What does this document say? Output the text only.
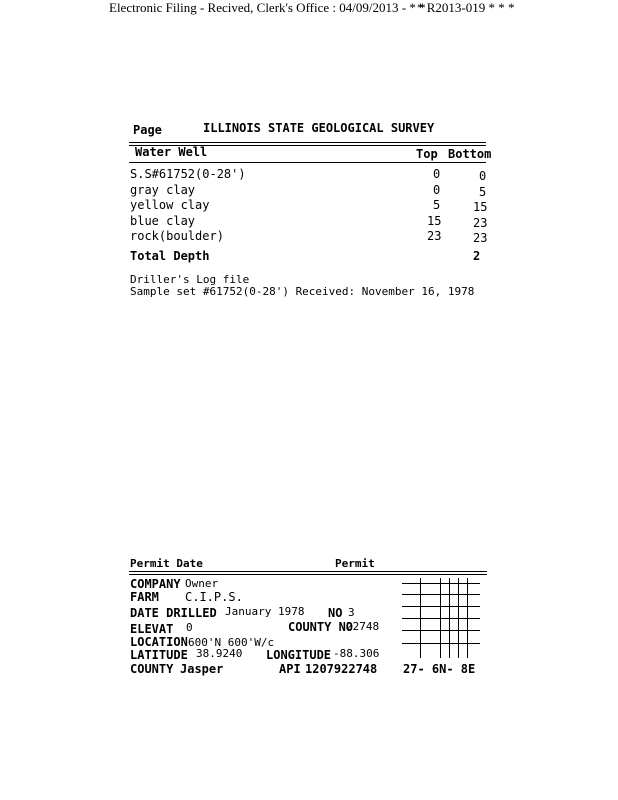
Electronic Filing - Recived, Clerk's Office : 04/09/2013 - * *
* R2013-019 * * *
Page	ILLINOIS STATE GEOLOGICAL SURVEY
Water Well	Top Bottom
S.S#61752(0-28')	0	0
gray clay	0	5
yellow clay	5	15
blue clay	15	23
rock(boulder)	23	23
Total Depth	2
Driller's Log file
Sample set #61752(0-28') Received: November 16, 1978
Permit Date	Permit
COMPANY Owner
FARM C.I.P.S.
DATE DRILLED January 1978 NO 3
ELEVAT 0	COUNTY NO
22748
LOCATION 600'N 600'W/c
LATITUDE 38.9240 LONGITUDE -88.306
COUNTY Jasper	API 1207922748 27- 6N- 8E
